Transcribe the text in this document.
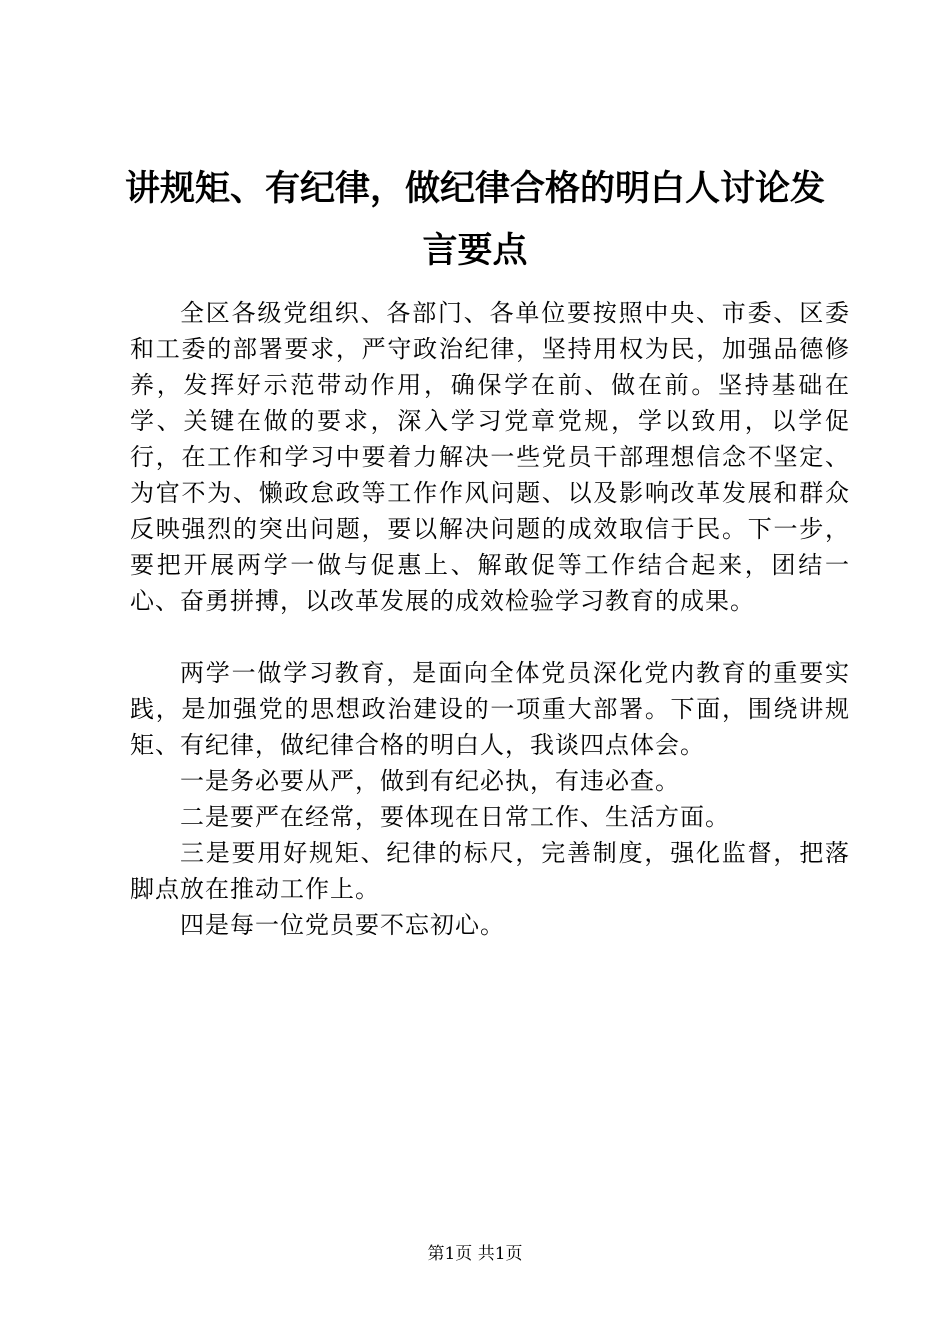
讲规矩、有纪律，做纪律合格的明白人讨论发言要点

全区各级党组织、各部门、各单位要按照中央、市委、区委和工委的部署要求，严守政治纪律，坚持用权为民，加强品德修养，发挥好示范带动作用，确保学在前、做在前。坚持基础在学、关键在做的要求，深入学习党章党规，学以致用，以学促行，在工作和学习中要着力解决一些党员干部理想信念不坚定、为官不为、懒政怠政等工作作风问题、以及影响改革发展和群众反映强烈的突出问题，要以解决问题的成效取信于民。下一步，要把开展两学一做与促惠上、解敢促等工作结合起来，团结一心、奋勇拼搏，以改革发展的成效检验学习教育的成果。

两学一做学习教育，是面向全体党员深化党内教育的重要实践，是加强党的思想政治建设的一项重大部署。下面，围绕讲规矩、有纪律，做纪律合格的明白人，我谈四点体会。

一是务必要从严，做到有纪必执，有违必查。

二是要严在经常，要体现在日常工作、生活方面。

三是要用好规矩、纪律的标尺，完善制度，强化监督，把落脚点放在推动工作上。

四是每一位党员要不忘初心。

第1页 共1页
